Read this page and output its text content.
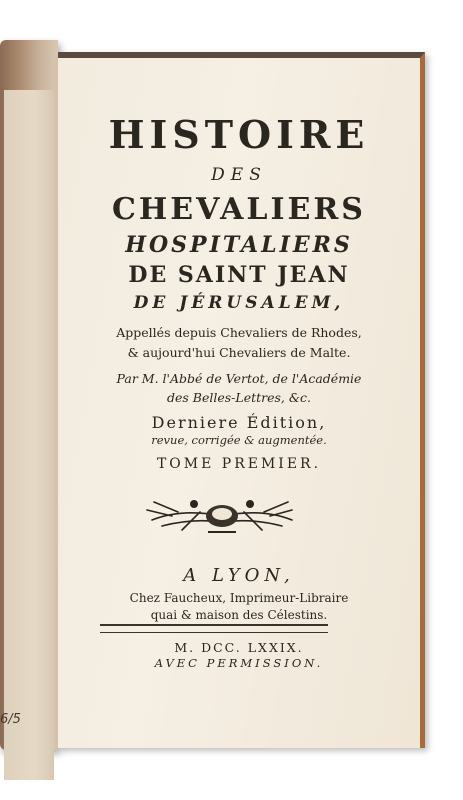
6/5
HISTOIRE
DES
CHEVALIERS
HOSPITALIERS
DE SAINT JEAN
DE JÉRUSALEM,
Appellés depuis Chevaliers de Rhodes,
& aujourd'hui Chevaliers de Malte.
Par M. l'Abbé de Vertot, de l'Académie
des Belles-Lettres, &c.
Derniere Édition,
revue, corrigée & augmentée.
TOME PREMIER.
A LYON,
Chez Faucheux, Imprimeur-Libraire
quai & maison des Célestins.
M. DCC. LXXIX.
AVEC PERMISSION.
